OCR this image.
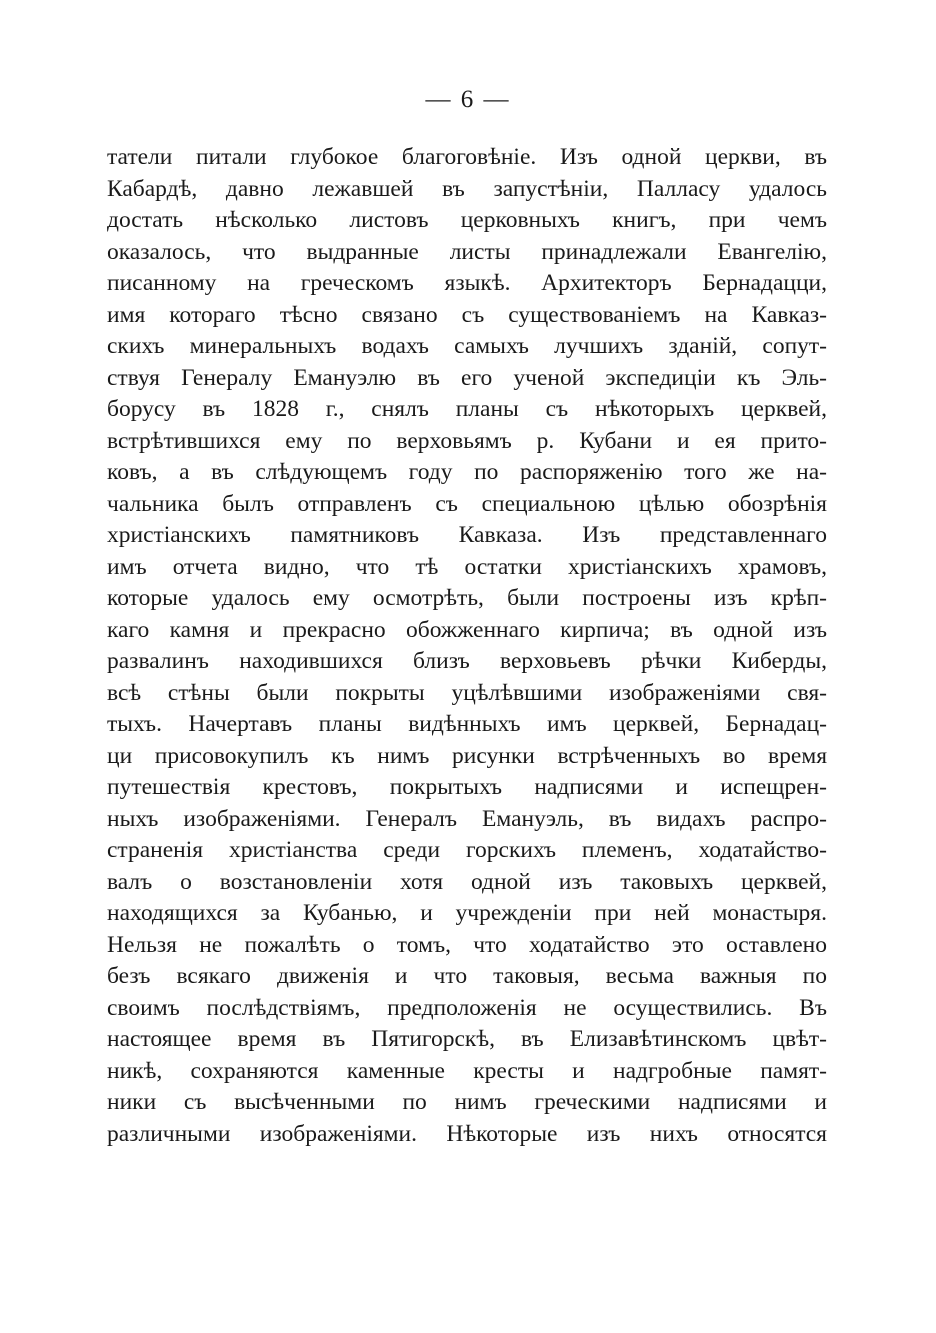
— 6 —
татели питали глубокое благоговѣніе. Изъ одной церкви, въ
Кабардѣ, давно лежавшей въ запустѣніи, Палласу удалось
достать нѣсколько листовъ церковныхъ книгъ, при чемъ
оказалось, что выдранные листы принадлежали Евангелію,
писанному на греческомъ языкѣ. Архитекторъ Бернадацци,
имя котораго тѣсно связано съ существованіемъ на Кавказ-
скихъ минеральныхъ водахъ самыхъ лучшихъ зданій, сопут-
ствуя Генералу Емануэлю въ его ученой экспедиціи къ Эль-
борусу въ 1828 г., снялъ планы съ нѣкоторыхъ церквей,
встрѣтившихся ему по верховьямъ р. Кубани и ея прито-
ковъ, а въ слѣдующемъ году по распоряженію того же на-
чальника былъ отправленъ съ специальною цѣлью обозрѣнія
христіанскихъ памятниковъ Кавказа. Изъ представленнаго
имъ отчета видно, что тѣ остатки христіанскихъ храмовъ,
которые удалось ему осмотрѣть, были построены изъ крѣп-
каго камня и прекрасно обожженнаго кирпича; въ одной изъ
развалинъ находившихся близъ верховьевъ рѣчки Киберды,
всѣ стѣны были покрыты уцѣлѣвшими изображеніями свя-
тыхъ. Начертавъ планы видѣнныхъ имъ церквей, Бернадац-
ци присовокупилъ къ нимъ рисунки встрѣченныхъ во время
путешествія крестовъ, покрытыхъ надписями и испещрен-
ныхъ изображеніями. Генералъ Емануэль, въ видахъ распро-
страненія христіанства среди горскихъ племенъ, ходатайство-
валъ о возстановленіи хотя одной изъ таковыхъ церквей,
находящихся за Кубанью, и учрежденіи при ней монастыря.
Нельзя не пожалѣть о томъ, что ходатайство это оставлено
безъ всякаго движенія и что таковыя, весьма важныя по
своимъ послѣдствіямъ, предположенія не осуществились. Въ
настоящее время въ Пятигорскѣ, въ Елизавѣтинскомъ цвѣт-
никѣ, сохраняются каменные кресты и надгробные памят-
ники съ высѣченными по нимъ греческими надписями и
различными изображеніями. Нѣкоторые изъ нихъ относятся
